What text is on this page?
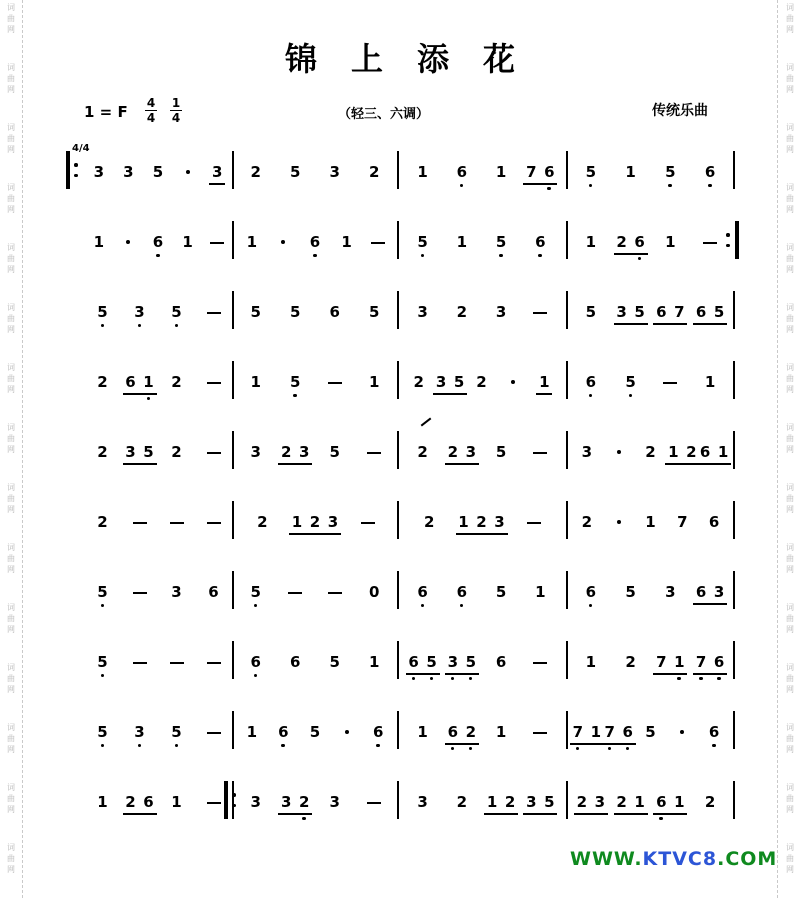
词
曲
网
词
曲
网
词
曲
网
词
曲
网
词
曲
网
词
曲
网
词
曲
网
词
曲
网
词
曲
网
词
曲
网
词
曲
网
词
曲
网
词
曲
网
词
曲
网
词
曲
网
词
曲
网
词
曲
网
词
曲
网
词
曲
网
词
曲
网
词
曲
网
词
曲
网
词
曲
网
词
曲
网
词
曲
网
词
曲
网
词
曲
网
词
曲
网
词
曲
网
词
曲
网
锦上添花
1 = F $\frac{4}{4} \frac{1}{4}$	（轻三、六调）	传统乐曲
4/4
3 3 5	3 2 5 3 2	1 6 1 7 6 5 1 5 6
1	6 1	1	6 1	5 1 5 6	1 2 6 1
5 3 5	5 5 6 5	3 2 3	5 3 5 6 7 6 5
2 6 1 2	1 5	1 2 3 5 2	1 6 5	1
2 3 5 2	3 2 3 5	2 2 3 5	3	2 1 2 6 1
2	2 1 2 3	2 1 2 3	2	1 7 6
5	3 6 5	0	6 6 5 1	6 5 3 6 3
5	6 6 5 1 6 5 3 5 6	1 2 7 1 7 6
5 3 5	1 6 5	6 1 6 2 1	7 1 7 6 5	6
1 2 6 1	3 3 2 3	3 2 1 2 3 5 2 3 2 1 6 1 2
WWW.KTVC8.COM
